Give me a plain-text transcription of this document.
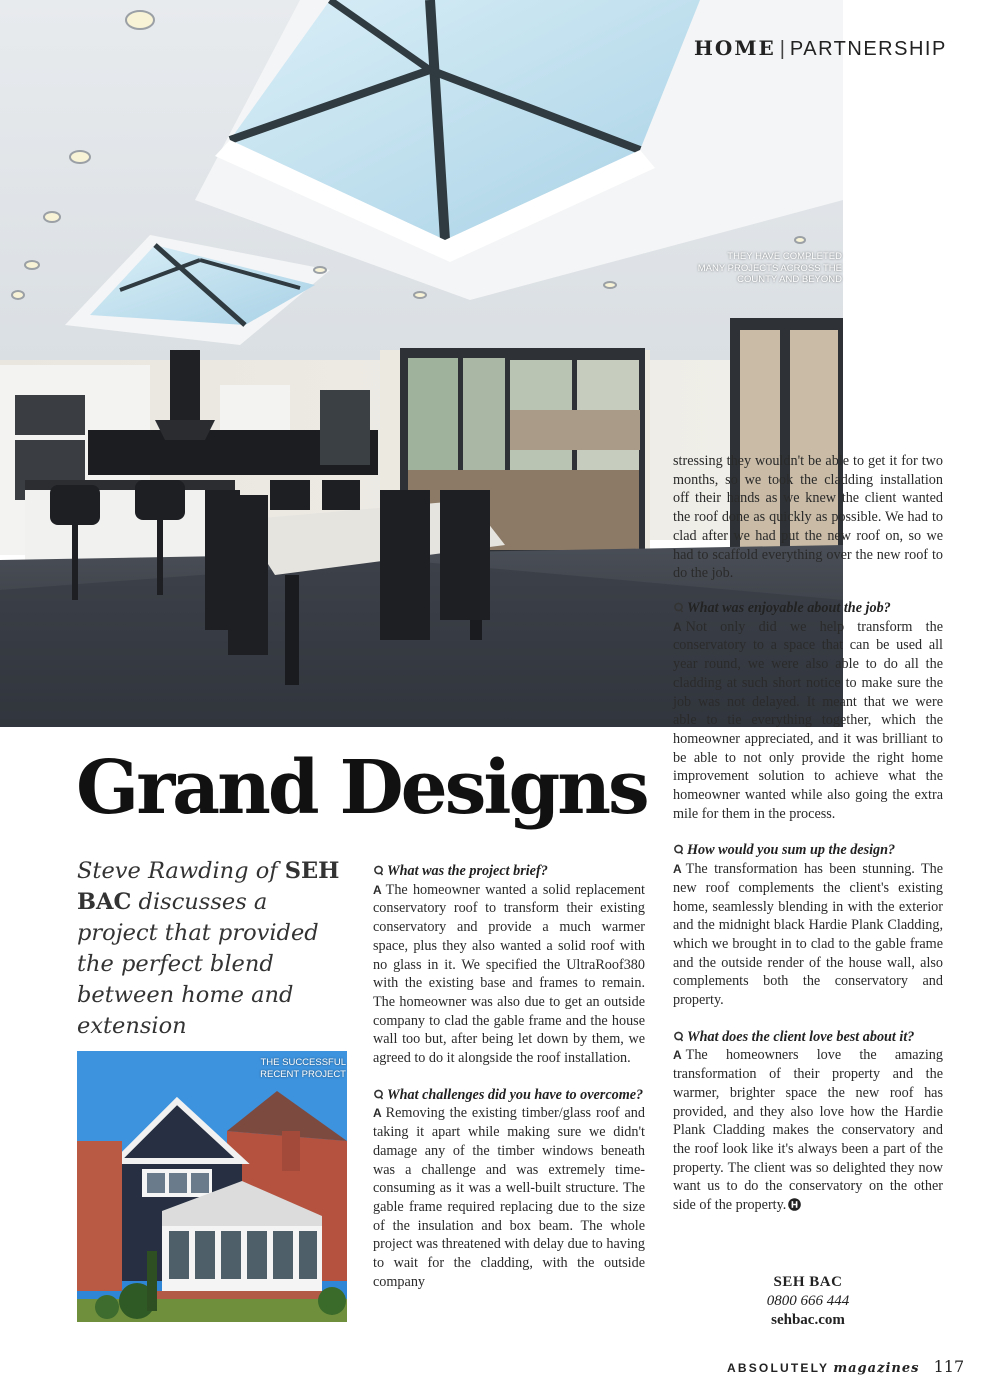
HOME | PARTNERSHIP
THEY HAVE COMPLETED
MANY PROJECTS ACROSS THE
COUNTY AND BEYOND
Grand Designs

Steve Rawding of SEH BAC discusses a project that provided the perfect blend between home and extension

THE SUCCESSFUL
RECENT PROJECT

What was the project brief?

A The homeowner wanted a solid replacement conservatory roof to transform their existing conservatory and provide a much warmer space, plus they also wanted a solid roof with no glass in it. We specified the UltraRoof380 with the existing base and frames to remain. The homeowner was also due to get an outside company to clad the gable frame and the house wall too but, after being let down by them, we agreed to do it alongside the roof installation.

What challenges did you have to overcome?

A Removing the existing timber/glass roof and taking it apart while making sure we didn't damage any of the timber windows beneath was a challenge and was extremely time-consuming as it was a well-built structure. The gable frame required replacing due to the size of the insulation and box beam. The whole project was threatened with delay due to having to wait for the cladding, with the outside company

stressing they wouldn't be able to get it for two months, so we took the cladding installation off their hands as we knew the client wanted the roof done as quickly as possible. We had to clad after we had put the new roof on, so we had to scaffold everything over the new roof to do the job.

What was enjoyable about the job?

A Not only did we help transform the conservatory to a space that can be used all year round, we were also able to do all the cladding at such short notice to make sure the job was not delayed. It meant that we were able to tie everything together, which the homeowner appreciated, and it was brilliant to be able to not only provide the right home improvement solution to achieve what the homeowner wanted while also going the extra mile for them in the process.

How would you sum up the design?

A The transformation has been stunning. The new roof complements the client's existing home, seamlessly blending in with the exterior and the midnight black Hardie Plank Cladding, which we brought in to clad to the gable frame and the outside render of the house wall, also complements both the conservatory and property.

What does the client love best about it?

A The homeowners love the amazing transformation of their property and the warmer, brighter space the new roof has provided, and they also love how the Hardie Plank Cladding makes the conservatory and the roof look like it's always been a part of the property. The client was so delighted they now want us to do the conservatory on the other side of the property.

SEH BAC
0800 666 444
sehbac.com
ABSOLUTELY magazines 117
